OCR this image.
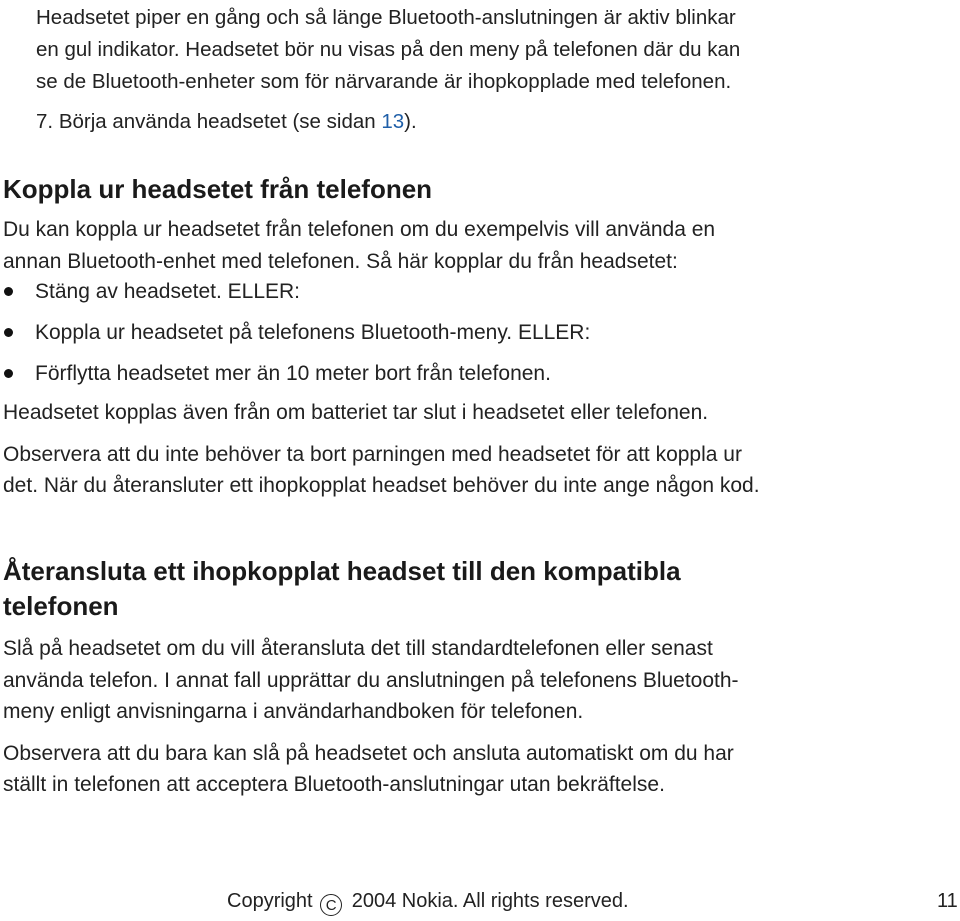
Headsetet piper en gång och så länge Bluetooth-anslutningen är aktiv blinkar

en gul indikator. Headsetet bör nu visas på den meny på telefonen där du kan

se de Bluetooth-enheter som för närvarande är ihopkopplade med telefonen.

7. Börja använda headsetet (se sidan 13).

Koppla ur headsetet från telefonen

Du kan koppla ur headsetet från telefonen om du exempelvis vill använda en

annan Bluetooth-enhet med telefonen. Så här kopplar du från headsetet:

Stäng av headsetet. ELLER:
Koppla ur headsetet på telefonens Bluetooth-meny. ELLER:
Förflytta headsetet mer än 10 meter bort från telefonen.

Headsetet kopplas även från om batteriet tar slut i headsetet eller telefonen.

Observera att du inte behöver ta bort parningen med headsetet för att koppla ur

det. När du återansluter ett ihopkopplat headset behöver du inte ange någon kod.

Återansluta ett ihopkopplat headset till den kompatibla
telefonen

Slå på headsetet om du vill återansluta det till standardtelefonen eller senast

använda telefon. I annat fall upprättar du anslutningen på telefonens Bluetooth-

meny enligt anvisningarna i användarhandboken för telefonen.

Observera att du bara kan slå på headsetet och ansluta automatiskt om du har

ställt in telefonen att acceptera Bluetooth-anslutningar utan bekräftelse.

Copyright C 2004 Nokia. All rights reserved.	11
